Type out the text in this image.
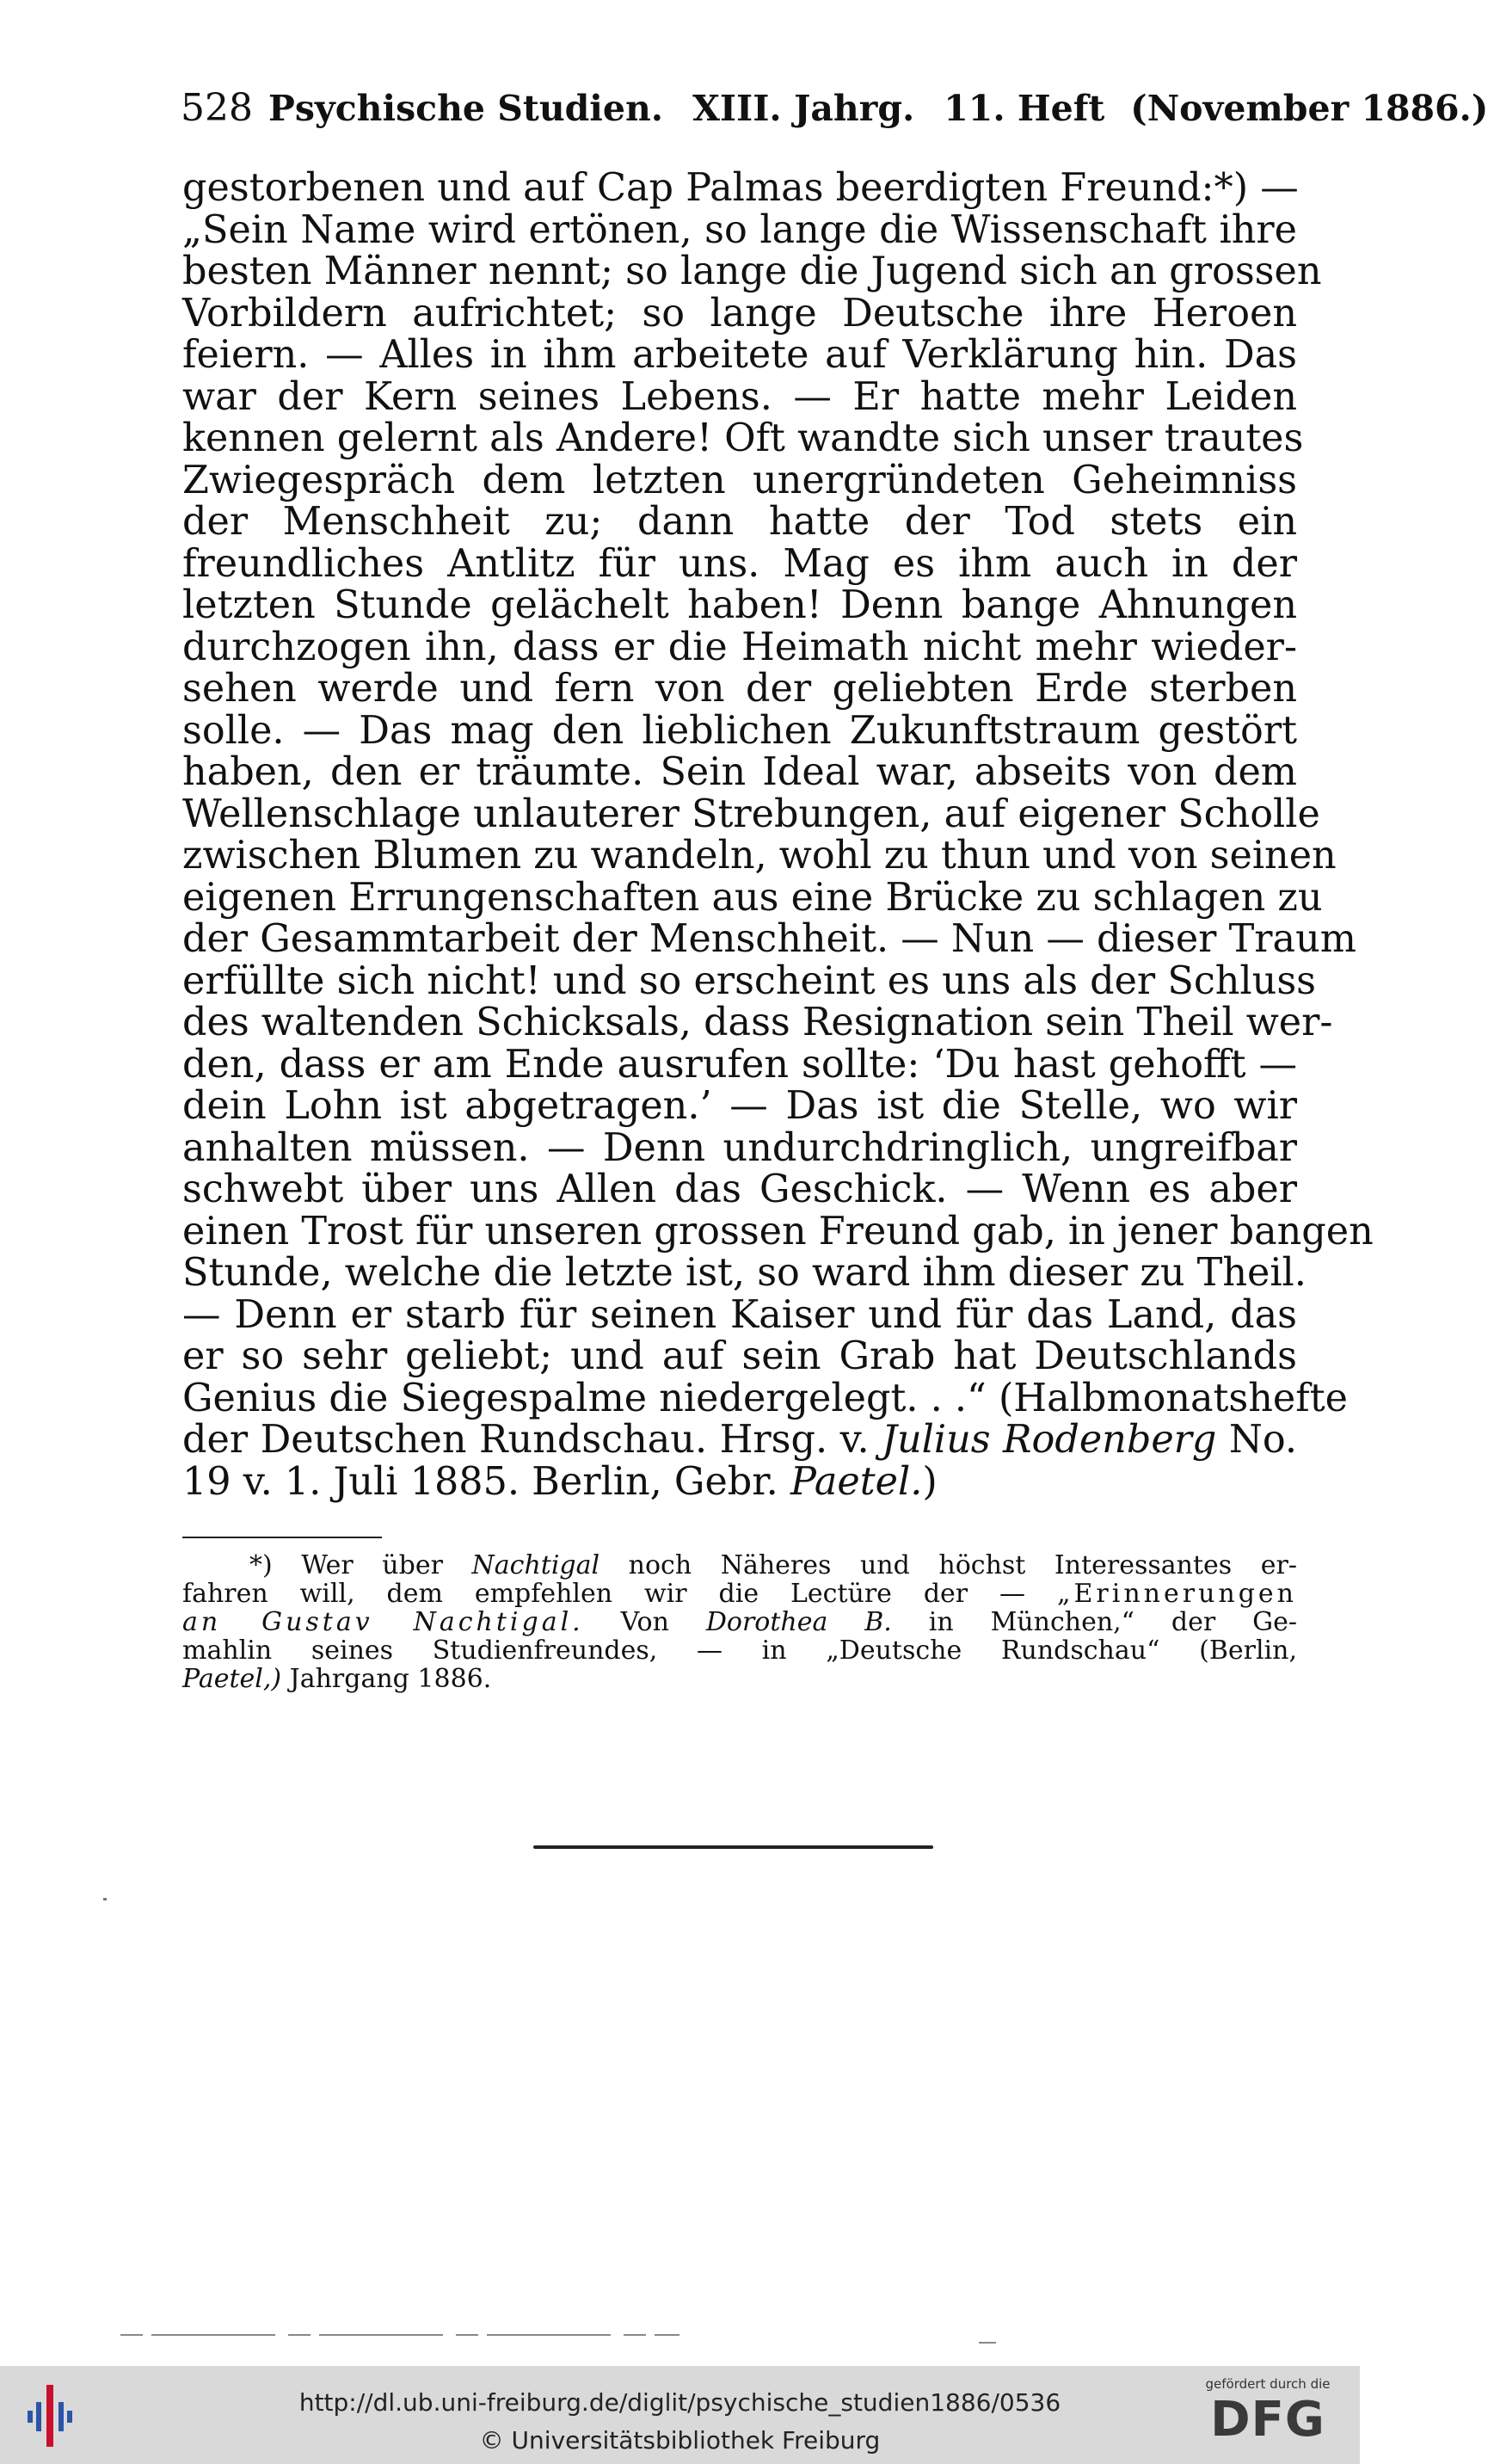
528 Psychische Studien. XIII. Jahrg. 11. Heft (November 1886.)
gestorbenen und auf Cap Palmas beerdigten Freund:*) —
„Sein Name wird ertönen, so lange die Wissenschaft ihre
besten Männer nennt; so lange die Jugend sich an grossen
Vorbildern aufrichtet; so lange Deutsche ihre Heroen
feiern. — Alles in ihm arbeitete auf Verklärung hin. Das
war der Kern seines Lebens. — Er hatte mehr Leiden
kennen gelernt als Andere! Oft wandte sich unser trautes
Zwiegespräch dem letzten unergründeten Geheimniss
der Menschheit zu; dann hatte der Tod stets ein
freundliches Antlitz für uns. Mag es ihm auch in der
letzten Stunde gelächelt haben! Denn bange Ahnungen
durchzogen ihn, dass er die Heimath nicht mehr wieder-
sehen werde und fern von der geliebten Erde sterben
solle. — Das mag den lieblichen Zukunftstraum gestört
haben, den er träumte. Sein Ideal war, abseits von dem
Wellenschlage unlauterer Strebungen, auf eigener Scholle
zwischen Blumen zu wandeln, wohl zu thun und von seinen
eigenen Errungenschaften aus eine Brücke zu schlagen zu
der Gesammtarbeit der Menschheit. — Nun — dieser Traum
erfüllte sich nicht! und so erscheint es uns als der Schluss
des waltenden Schicksals, dass Resignation sein Theil wer-
den, dass er am Ende ausrufen sollte: ‘Du hast gehofft —
dein Lohn ist abgetragen.’ — Das ist die Stelle, wo wir
anhalten müssen. — Denn undurchdringlich, ungreifbar
schwebt über uns Allen das Geschick. — Wenn es aber
einen Trost für unseren grossen Freund gab, in jener bangen
Stunde, welche die letzte ist, so ward ihm dieser zu Theil.
— Denn er starb für seinen Kaiser und für das Land, das
er so sehr geliebt; und auf sein Grab hat Deutschlands
Genius die Siegespalme niedergelegt. . .“ (Halbmonatshefte
der Deutschen Rundschau. Hrsg. v. Julius Rodenberg No.
19 v. 1. Juli 1885. Berlin, Gebr. Paetel.)
*) Wer über Nachtigal noch Näheres und höchst Interessantes er-
fahren will, dem empfehlen wir die Lectüre der — „Erinnerungen
an Gustav Nachtigal. Von Dorothea B. in München,“ der Ge-
mahlin seines Studienfreundes, — in „Deutsche Rundschau“ (Berlin,
Paetel,) Jahrgang 1886.
http://dl.ub.uni-freiburg.de/diglit/psychische_studien1886/0536
© Universitätsbibliothek Freiburg
gefördert durch die
DFG
